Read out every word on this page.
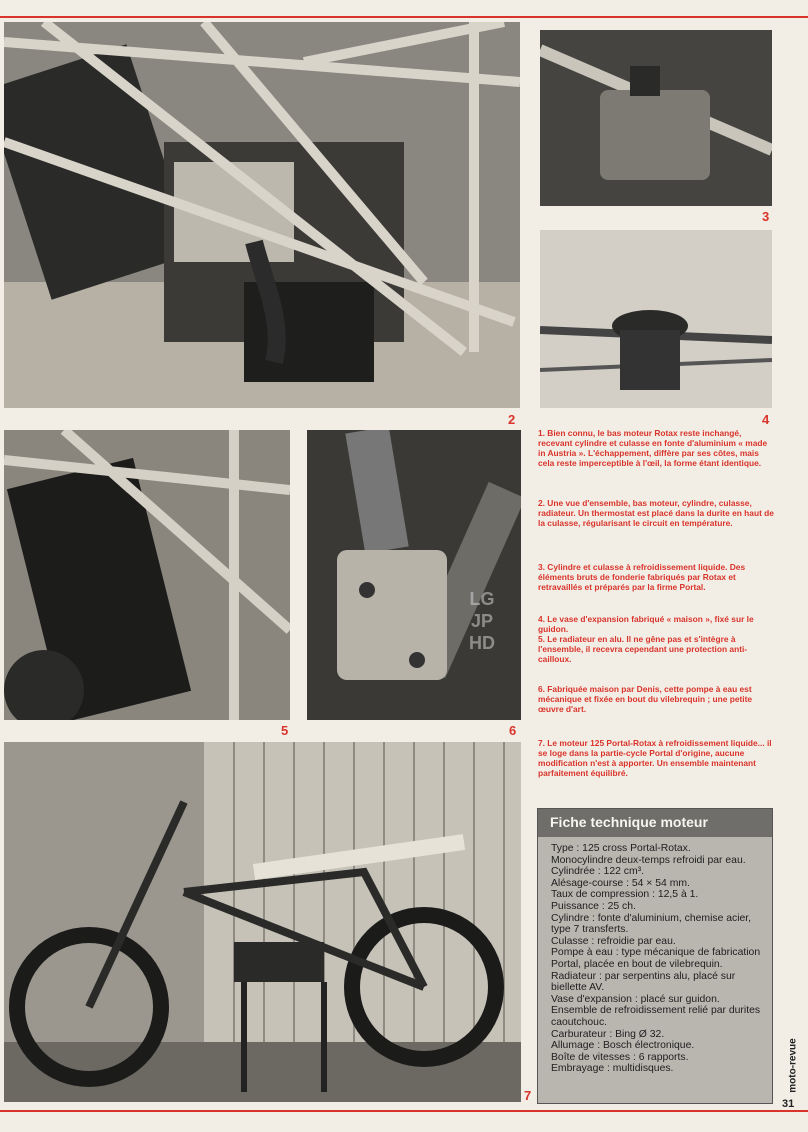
2
3
4
5
LG JP HD
6
7
1. Bien connu, le bas moteur Rotax reste inchangé, recevant cylindre et culasse en fonte d'aluminium « made in Austria ». L'échappement, diffère par ses côtes, mais cela reste imperceptible à l'œil, la forme étant identique.
2. Une vue d'ensemble, bas moteur, cylindre, culasse, radiateur. Un thermostat est placé dans la durite en haut de la culasse, régularisant le circuit en température.
3. Cylindre et culasse à refroidissement liquide. Des éléments bruts de fonderie fabriqués par Rotax et retravaillés et préparés par la firme Portal.
4. Le vase d'expansion fabriqué « maison », fixé sur le guidon.
5. Le radiateur en alu. Il ne gêne pas et s'intègre à l'ensemble, il recevra cependant une protection anti-cailloux.
6. Fabriquée maison par Denis, cette pompe à eau est mécanique et fixée en bout du vilebrequin ; une petite œuvre d'art.
7. Le moteur 125 Portal-Rotax à refroidissement liquide... il se loge dans la partie-cycle Portal d'origine, aucune modification n'est à apporter. Un ensemble maintenant parfaitement équilibré.
Fiche technique moteur
Type : 125 cross Portal-Rotax.
Monocylindre deux-temps refroidi par eau.
Cylindrée : 122 cm³.
Alésage-course : 54 × 54 mm.
Taux de compression : 12,5 à 1.
Puissance : 25 ch.
Cylindre : fonte d'aluminium, chemise acier, type 7 transferts.
Culasse : refroidie par eau.
Pompe à eau : type mécanique de fabrication Portal, placée en bout de vilebrequin.
Radiateur : par serpentins alu, placé sur biellette AV.
Vase d'expansion : placé sur guidon.
Ensemble de refroidissement relié par durites caoutchouc.
Carburateur : Bing Ø 32.
Allumage : Bosch électronique.
Boîte de vitesses : 6 rapports.
Embrayage : multidisques.	moto-revue
31
